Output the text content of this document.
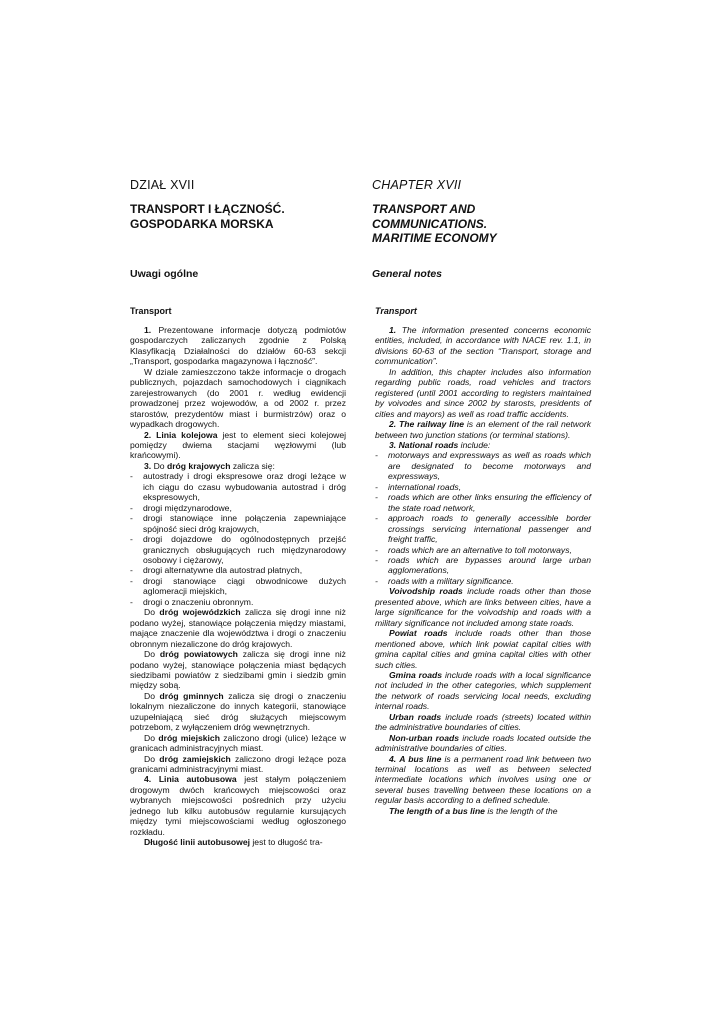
DZIAŁ XVII

TRANSPORT I ŁĄCZNOŚĆ.
GOSPODARKA MORSKA

Uwagi ogólne

Transport

1. Prezentowane informacje dotyczą podmiotów gospodarczych zaliczanych zgodnie z Polską Klasyfikacją Działalności do działów 60-63 sekcji „Transport, gospodarka magazynowa i łączność”.

W dziale zamieszczono także informacje o drogach publicznych, pojazdach samochodowych i ciągnikach zarejestrowanych (do 2001 r. według ewidencji prowadzonej przez wojewodów, a od 2002 r. przez starostów, prezydentów miast i burmistrzów) oraz o wypadkach drogowych.

2. Linia kolejowa jest to element sieci kolejowej pomiędzy dwiema stacjami węzłowymi (lub krańcowymi).

3. Do dróg krajowych zalicza się:

- autostrady i drogi ekspresowe oraz drogi leżące w ich ciągu do czasu wybudowania autostrad i dróg ekspresowych,
- drogi międzynarodowe,
- drogi stanowiące inne połączenia zapewniające spójność sieci dróg krajowych,
- drogi dojazdowe do ogólnodostępnych przejść granicznych obsługujących ruch międzynarodowy osobowy i ciężarowy,
- drogi alternatywne dla autostrad płatnych,
- drogi stanowiące ciągi obwodnicowe dużych aglomeracji miejskich,
- drogi o znaczeniu obronnym.

Do dróg wojewódzkich zalicza się drogi inne niż podano wyżej, stanowiące połączenia między miastami, mające znaczenie dla województwa i drogi o znaczeniu obronnym niezaliczone do dróg krajowych.

Do dróg powiatowych zalicza się drogi inne niż podano wyżej, stanowiące połączenia miast będących siedzibami powiatów z siedzibami gmin i siedzib gmin między sobą.

Do dróg gminnych zalicza się drogi o znaczeniu lokalnym niezaliczone do innych kategorii, stanowiące uzupełniającą sieć dróg służących miejscowym potrzebom, z wyłączeniem dróg wewnętrznych.

Do dróg miejskich zaliczono drogi (ulice) leżące w granicach administracyjnych miast.

Do dróg zamiejskich zaliczono drogi leżące poza granicami administracyjnymi miast.

4. Linia autobusowa jest stałym połączeniem drogowym dwóch krańcowych miejscowości oraz wybranych miejscowości pośrednich przy użyciu jednego lub kilku autobusów regularnie kursujących między tymi miejscowościami według ogłoszonego rozkładu.

Długość linii autobusowej jest to długość tra-

CHAPTER XVII

TRANSPORT AND COMMUNICATIONS.
MARITIME ECONOMY

General notes

Transport

1. The information presented concerns economic entities, included, in accordance with NACE rev. 1.1, in divisions 60-63 of the section “Transport, storage and communication”.

In addition, this chapter includes also information regarding public roads, road vehicles and tractors registered (until 2001 according to registers maintained by voivodes and since 2002 by starosts, presidents of cities and mayors) as well as road traffic accidents.

2. The railway line is an element of the rail network between two junction stations (or terminal stations).

3. National roads include:

- motorways and expressways as well as roads which are designated to become motorways and expressways,
- international roads,
- roads which are other links ensuring the efficiency of the state road network,
- approach roads to generally accessible border crossings servicing international passenger and freight traffic,
- roads which are an alternative to toll motorways,
- roads which are bypasses around large urban agglomerations,
- roads with a military significance.

Voivodship roads include roads other than those presented above, which are links between cities, have a large significance for the voivodship and roads with a military significance not included among state roads.

Powiat roads include roads other than those mentioned above, which link powiat capital cities with gmina capital cities and gmina capital cities with other such cities.

Gmina roads include roads with a local significance not included in the other categories, which supplement the network of roads servicing local needs, excluding internal roads.

Urban roads include roads (streets) located within the administrative boundaries of cities.

Non-urban roads include roads located outside the administrative boundaries of cities.

4. A bus line is a permanent road link between two terminal locations as well as between selected intermediate locations which involves using one or several buses travelling between these locations on a regular basis according to a defined schedule.

The length of a bus line is the length of the
